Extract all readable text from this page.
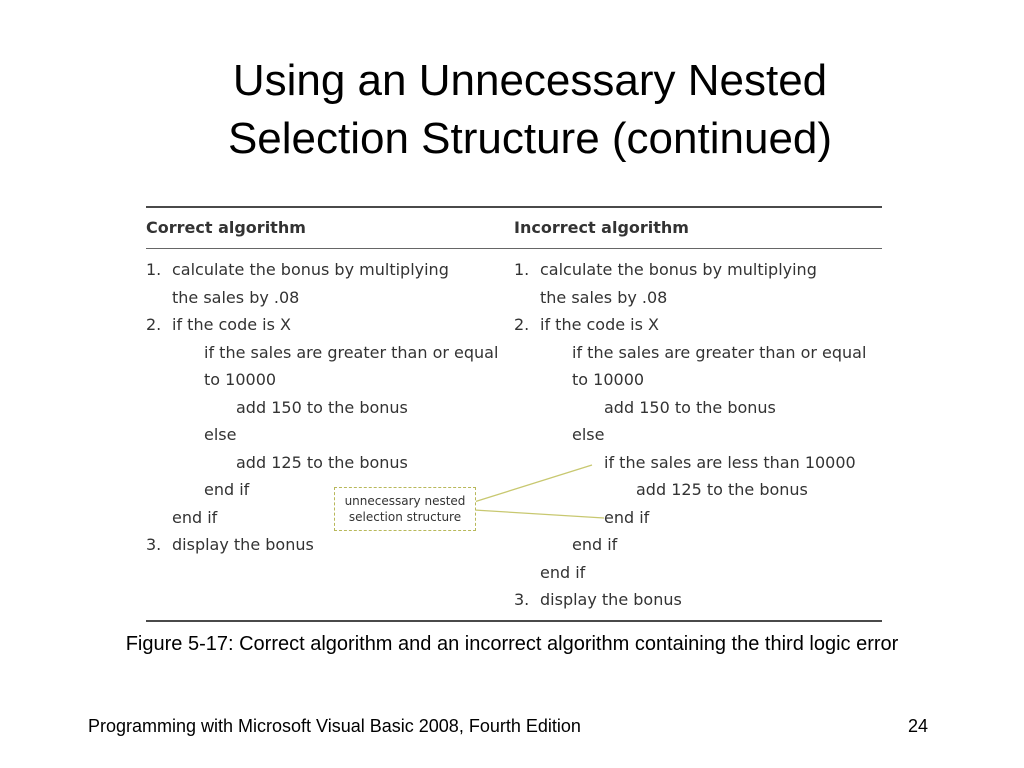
Using an Unnecessary Nested
Selection Structure (continued)
Correct algorithm	Incorrect algorithm
1. calculate the bonus by multiplying
the sales by .08
2. if the code is X
if the sales are greater than or equal
to 10000
add 150 to the bonus
else
add 125 to the bonus
end if
end if
3. display the bonus
1. calculate the bonus by multiplying
the sales by .08
2. if the code is X
if the sales are greater than or equal
to 10000
add 150 to the bonus
else
if the sales are less than 10000
add 125 to the bonus
end if
end if
end if
3. display the bonus
unnecessary nested
selection structure
Figure 5-17: Correct algorithm and an incorrect algorithm containing the third logic error
Programming with Microsoft Visual Basic 2008, Fourth Edition	24
